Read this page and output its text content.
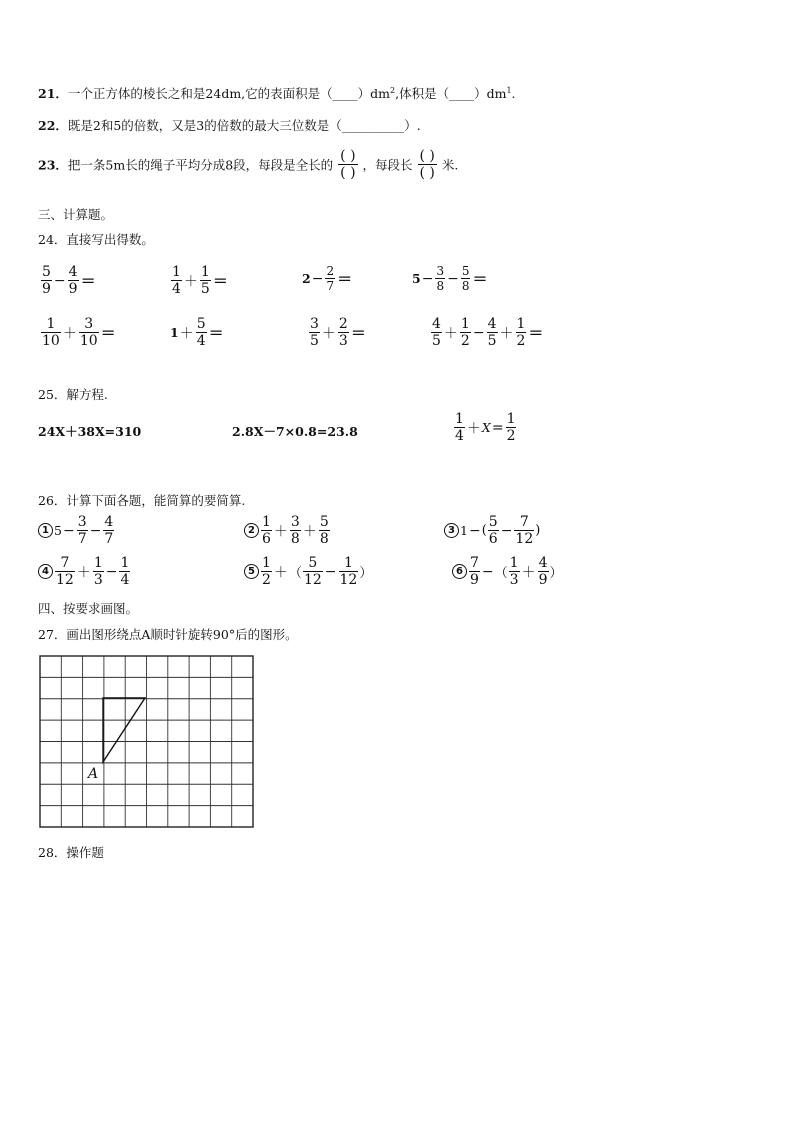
21．一个正方体的棱长之和是24dm,它的表面积是$(\_\_\_\_)dm^2$,体积是$(\_\_\_\_)dm^1$.
22．既是2和5的倍数，又是3的倍数的最大三位数是（__________）.
23．把一条5m长的绳子平均分成8段，每段是全长的 $\frac{( )}{( )}$ ，每段长 $\frac{( )}{( )}$ 米.
三、计算题。
24．直接写出得数。
$\frac{5}{9} - \frac{4}{9}$ ＝	$\frac{1}{4} + \frac{1}{5}$ ＝	$2- \frac{2}{7}$ ＝	$5- \frac{3}{8} - \frac{5}{8}$ ＝
$\frac{1}{10} + \frac{3}{10}$ ＝	$1+ \frac{5}{4}$ ＝	$\frac{3}{5} + \frac{2}{3}$ ＝	$\frac{4}{5} + \frac{1}{2} - \frac{4}{5} + \frac{1}{2}$ ＝
25．解方程.
24X＋38X=310	2.8X－7×0.8=23.8	$\frac{1}{4} +X= \frac{1}{2}$
26．计算下面各题，能简算的要简算.
1 $5- \frac{3}{7} - \frac{4}{7}$	$2 \frac{1}{6} + \frac{3}{8} + \frac{5}{8}$	3 $1-( \frac{5}{6} - \frac{7}{12}$ )
$4 \frac{7}{12} + \frac{1}{3} - \frac{1}{4}$	$5 \frac{1}{2}$ ＋（ $\frac{5}{12} - \frac{1}{12}$ ）	$6 \frac{7}{9}$ −（ $\frac{1}{3} + \frac{4}{9}$ ）
四、按要求画图。
27．画出图形绕点A顺时针旋转90°后的图形。
A
28．操作题
